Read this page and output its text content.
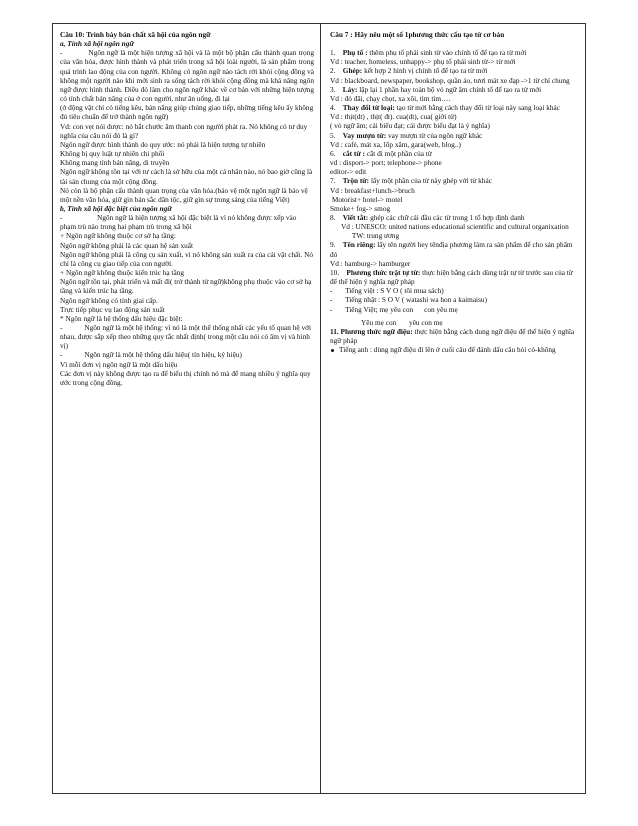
Câu 10: Trình bày bản chất xã hội của ngôn ngữ
a, Tính xã hội ngôn ngữ
-            Ngôn ngữ là một hiện tượng xã hội và là một bộ phận cấu thành quan trọng của văn hóa, được hình thành và phát triển trong xã hội loài người, là sản phẩm trong quá trình lao động của con người. Không có ngôn ngữ nào tách rời khỏi cộng đồng và không một người nào khi mới sinh ra sống tách rời khỏi cộng đồng mà khả năng ngôn ngữ được hình thành. Điều đó làm cho ngôn ngữ khác về cơ bản với những hiện tượng có tính chất bản năng của ở con người, như ăn uống, đi lại
(ở động vật chỉ có tiếng kêu, bản năng giúp chúng giao tiếp, những tiếng kêu ấy không đủ tiêu chuẩn để trở thành ngôn ngữ)
Vd: con vẹt nói được: nó bắt chước âm thanh con người phát ra. Nó không có tư duy nghĩa của câu nói đó là gì?
Ngôn ngữ được hình thành do quy ước: nó phải là hiện tượng tự nhiên
Không bị quy luật tự nhiên chi phối
Không mang tính bản năng, di truyền
Ngôn ngữ không tồn tại với tư cách là sở hữu của một cá nhân nào, nó bao giờ cũng là tài sản chung của một cộng đồng.
Nó còn là bộ phận cấu thành quan trọng của văn hóa.(bảo vệ một ngôn ngữ là bảo vệ một nền văn hóa, giữ gìn bản sắc dân tộc, giữ gìn sự trong sáng của tiếng Việt)
b, Tính xã hội đặc biệt của ngôn ngữ
-                   Ngôn ngữ là hiện tượng xã hội đặc biệt là vì nó không được xếp vào phạm trù nào trong hai phạm trù trong xã hội
+ Ngôn ngữ không thuộc cơ sở hạ tầng:
Ngôn ngữ không phải là các quan hệ sản xuất
Ngôn ngữ không phải là công cụ sản xuất, vì nó không sản xuất ra của cải vật chất. Nó chỉ là công cụ giao tiếp của con người.
+ Ngôn ngữ không thuộc kiến trúc hạ tầng
Ngôn ngữ tồn tại, phát triển và mất đi( trở thành tử ngữ)không phụ thuộc vào cơ sở hạ tầng và kiến trúc hạ tầng.
Ngôn ngữ không có tính giai cấp.
Trực tiếp phục vụ lao động sản xuất
* Ngôn ngữ là hệ thống dấu hiệu đặc biệt:
-            Ngôn ngữ là một hệ thống: vì nó là một thể thống nhất các yếu tố quan hệ với nhau, được sắp xếp theo những quy tắc nhất định( trong một câu nói có âm vị và hình vị)
-            Ngôn ngữ là một hệ thống dấu hiệu( tín hiệu, ký hiệu)
Vì mỗi đơn vị ngôn ngữ là một dấu hiệu
Các đơn vị này không được tạo ra để biểu thị chính nó mà để mang nhiều ý nghĩa quy ước trong cộng đồng.
Câu 7 : Hãy nêu một số 1phương thức cấu tạo từ cơ bản
1. Phụ tố : thêm phụ tố phái sinh từ vào chính tố để tạo ra từ mới
Vd : teacher, homeless, unhappy-> phụ tố phái sinh từ-> từ mới
2. Ghép: kết hợp 2 hình vị chính tố để tạo ra từ mới
Vd : blackboard, newspaper, bookshop, quần áo, tươi mát xe đạp ->1 từ chỉ chung
3. Láy: lặp lại 1 phần hay toàn bộ vỏ ngữ âm chính tố để tạo ra từ mới
Vd : đỏ đãi, chạy chọt, xa xôi, tìm tìm….
4. Thay đổi từ loại: tạo từ mới bằng cách thay đổi từ loại này sang loại khác
Vd : thịt(dt) , thịt( đt). cua(dt), cua( giới từ)
( vỏ ngữ âm; cái biểu đạt; cái được biểu đạt là ý nghĩa)
5. Vay mượn từ: vay mượn từ của ngôn ngữ khác
Vd : café, mát xa, lốp xăm, gara(web, blog..)
6. cắt từ : cắt đi một phần của từ
vd : disport-> port; telephone-> phone
editor-> edit
7. Trộn từ: lấy một phần của từ này ghép với từ khác
Vd : breakfast+lunch->bruch
Motorist+ hotel-> motel
Smoke+ fog-> smog
8. Viết tắt: ghép các chữ cái đầu các từ trong 1 tổ hợp định danh
Vd : UNESCO: united nations educational scientific and cultural organixation
TW: trung ương
9. Tên riêng: lấy tên người hey tênđịa phương làm ra sản phẩm để cho sản phẩm đó
Vd : hamburg-> hamburger
10. Phương thức trật tự từ: thực hiện bằng cách dùng trật tự từ trước sau của từ để thể hiện ý nghĩa ngữ pháp
-       Tiếng việt : S V O ( tôi mua sách)
-       Tiếng nhật : S O V ( watashi wa hon a kaimaisu)
-       Tiếng Việt; mẹ yêu con      con yêu mẹ
Yêu mẹ con       yêu con mẹ
11. Phương thức ngữ điệu: thực hiện bằng cách dung ngữ điệu để thể hiện ý nghĩa ngữ pháp
Tiếng anh : dùng ngữ điệu đi lên ở cuối câu để đánh dấu câu hỏi có-không
